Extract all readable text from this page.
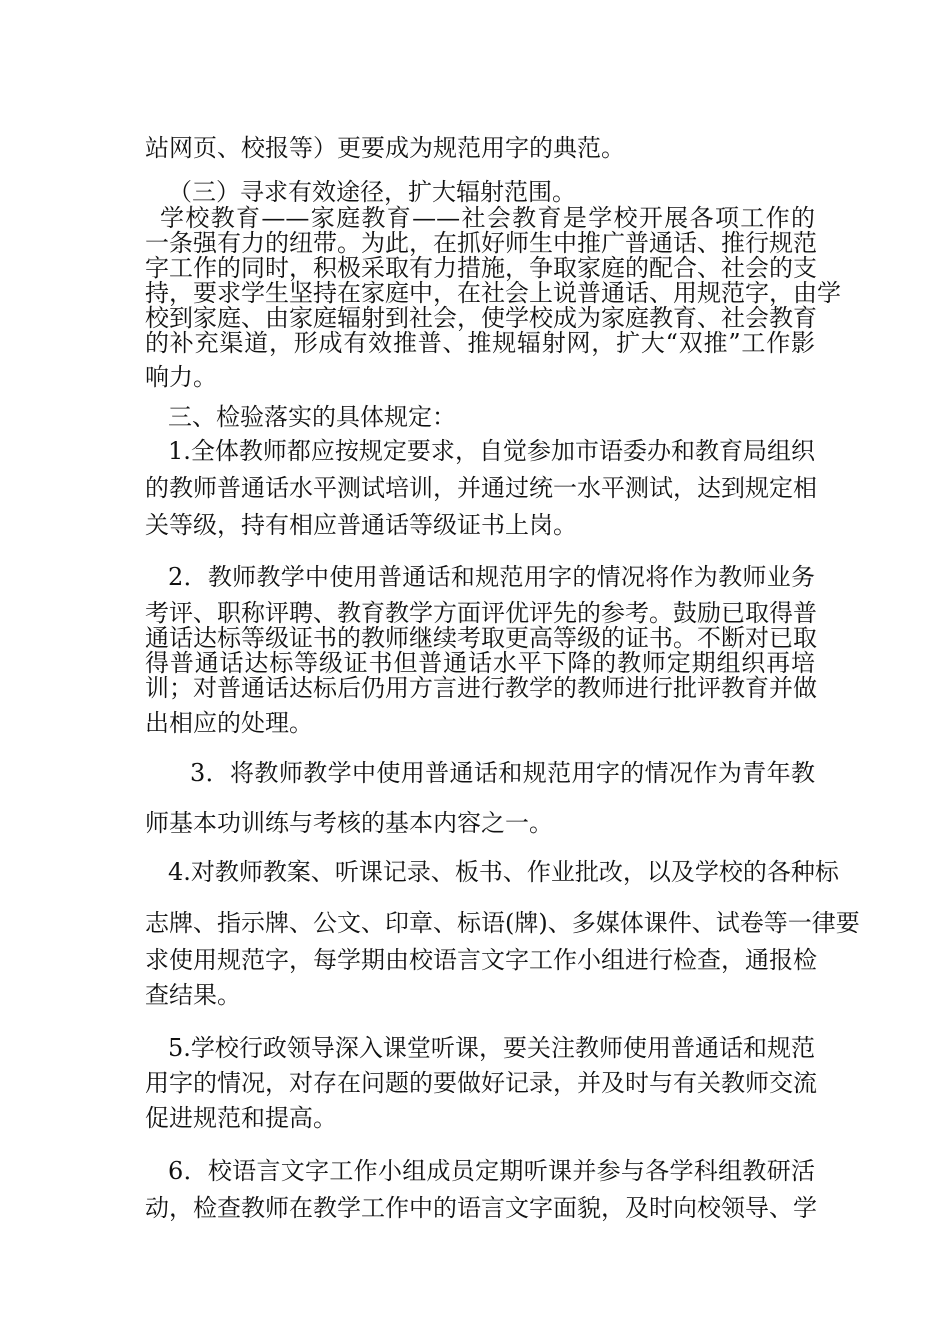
站网页、校报等）更要成为规范用字的典范。
（三）寻求有效途径，扩大辐射范围。
学校教育——家庭教育——社会教育是学校开展各项工作的
一条强有力的纽带。为此，在抓好师生中推广普通话、推行规范
字工作的同时，积极采取有力措施，争取家庭的配合、社会的支
持，要求学生坚持在家庭中，在社会上说普通话、用规范字，由学
校到家庭、由家庭辐射到社会，使学校成为家庭教育、社会教育
的补充渠道，形成有效推普、推规辐射网，扩大“双推”工作影
响力。
三、检验落实的具体规定：
1.全体教师都应按规定要求，自觉参加市语委办和教育局组织
的教师普通话水平测试培训，并通过统一水平测试，达到规定相
关等级，持有相应普通话等级证书上岗。
2．教师教学中使用普通话和规范用字的情况将作为教师业务
考评、职称评聘、教育教学方面评优评先的参考。鼓励已取得普
通话达标等级证书的教师继续考取更高等级的证书。不断对已取
得普通话达标等级证书但普通话水平下降的教师定期组织再培
训；对普通话达标后仍用方言进行教学的教师进行批评教育并做
出相应的处理。
3．将教师教学中使用普通话和规范用字的情况作为青年教
师基本功训练与考核的基本内容之一。
4.对教师教案、听课记录、板书、作业批改，以及学校的各种标
志牌、指示牌、公文、印章、标语(牌)、多媒体课件、试卷等一律要
求使用规范字，每学期由校语言文字工作小组进行检查，通报检
查结果。
5.学校行政领导深入课堂听课，要关注教师使用普通话和规范
用字的情况，对存在问题的要做好记录，并及时与有关教师交流
促进规范和提高。
6．校语言文字工作小组成员定期听课并参与各学科组教研活
动，检查教师在教学工作中的语言文字面貌，及时向校领导、学
